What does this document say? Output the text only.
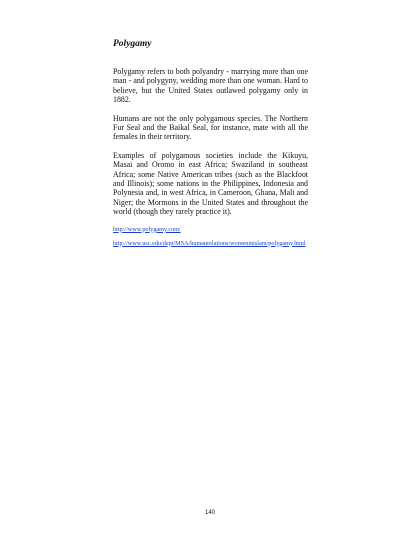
Polygamy

Polygamy refers to both polyandry - marrying more than one man - and polygyny, wedding more than one woman. Hard to believe, but the United States outlawed polygamy only in 1882.

Humans are not the only polygamous species. The Northern Fur Seal and the Baikal Seal, for instance, mate with all the females in their territory.

Examples of polygamous societies include the Kikuyu, Masai and Oromo in east Africa; Swaziland in southeast Africa; some Native American tribes (such as the Blackfoot and Illinois); some nations in the Philippines, Indonesia and Polynesia and, in west Africa, in Cameroon, Ghana, Mali and Niger; the Mormons in the United States and throughout the world (though they rarely practice it).

http://www.polygamy.com/
http://www.usc.edu/dept/MSA/humanrelations/womeninislam/polygamy.html
140
